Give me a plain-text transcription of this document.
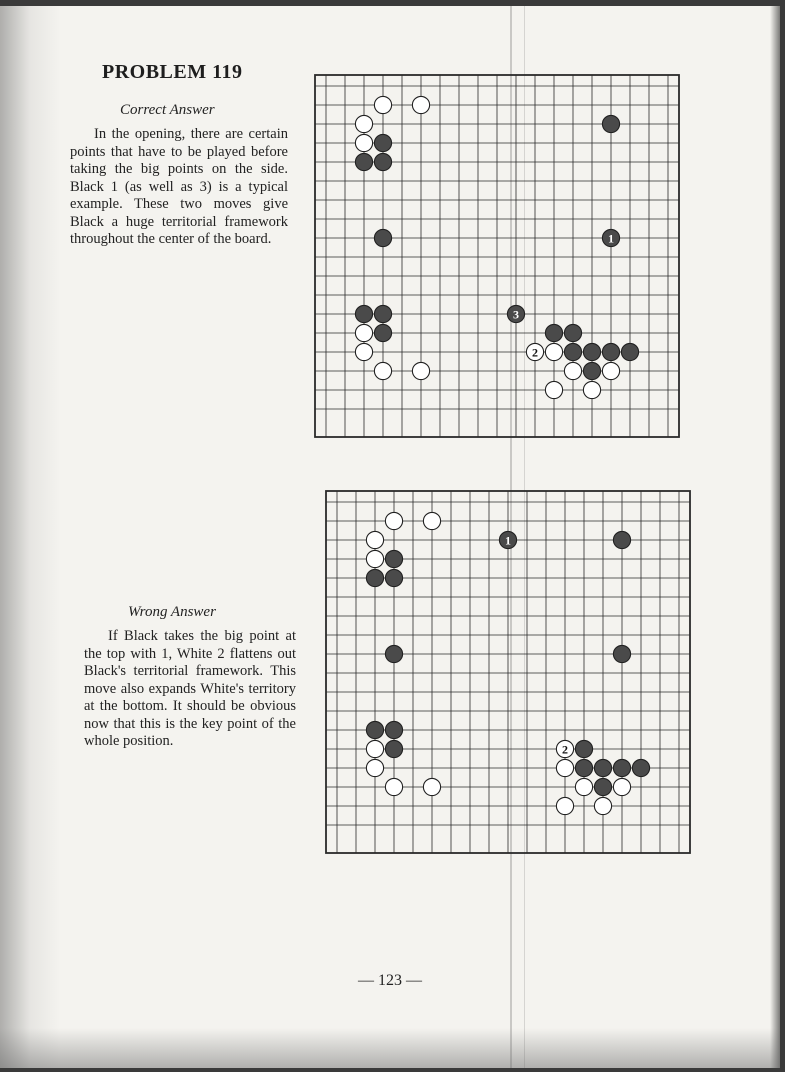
PROBLEM 119

Correct Answer

In the opening, there are certain points that have to be played before taking the big points on the side. Black 1 (as well as 3) is a typical example. These two moves give Black a huge territorial framework throughout the center of the board.	1
3
2

Wrong Answer

If Black takes the big point at the top with 1, White 2 flattens out Black's territorial framework. This move also expands White's territory at the bottom. It should be obvious now that this is the key point of the whole position.

1
2
— 123 —
